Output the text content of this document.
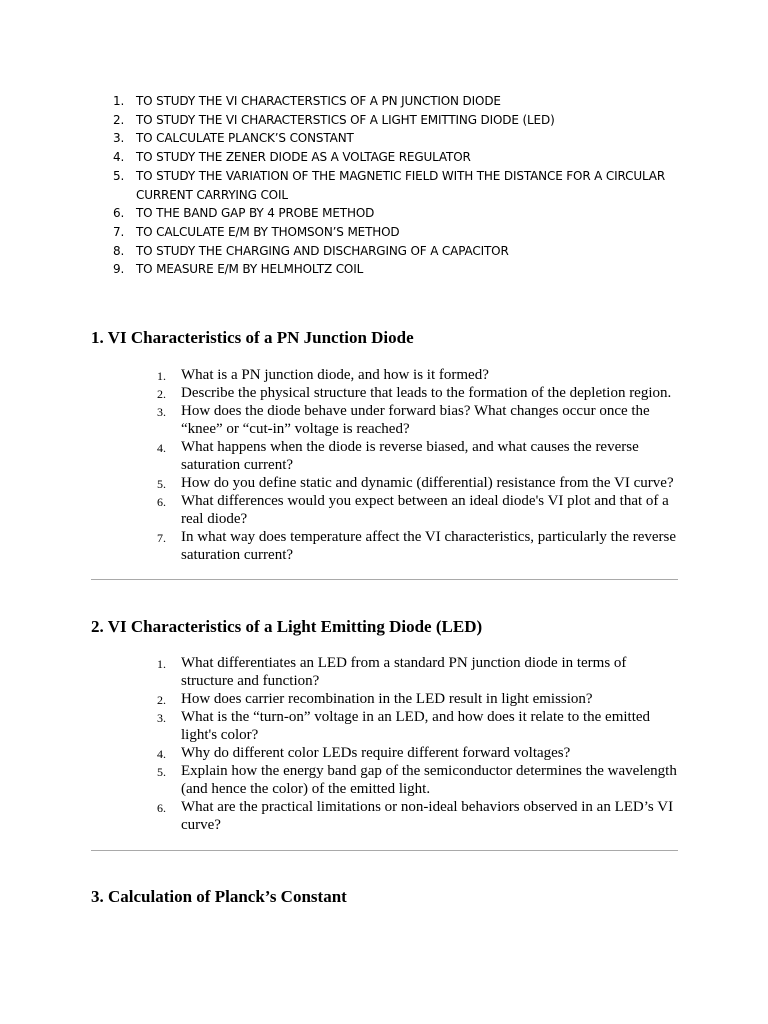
1. TO STUDY THE VI CHARACTERSTICS OF A PN JUNCTION DIODE
2. TO STUDY THE VI CHARACTERSTICS OF A LIGHT EMITTING DIODE (LED)
3. TO CALCULATE PLANCK’S CONSTANT
4. TO STUDY THE ZENER DIODE AS A VOLTAGE REGULATOR
5. TO STUDY THE VARIATION OF THE MAGNETIC FIELD WITH THE DISTANCE FOR A CIRCULAR CURRENT CARRYING COIL
6. TO THE BAND GAP BY 4 PROBE METHOD
7. TO CALCULATE E/M BY THOMSON’S METHOD
8. TO STUDY THE CHARGING AND DISCHARGING OF A CAPACITOR
9. TO MEASURE E/M BY HELMHOLTZ COIL
1. VI Characteristics of a PN Junction Diode
1. What is a PN junction diode, and how is it formed?
2. Describe the physical structure that leads to the formation of the depletion region.
3. How does the diode behave under forward bias? What changes occur once the “knee” or “cut-in” voltage is reached?
4. What happens when the diode is reverse biased, and what causes the reverse saturation current?
5. How do you define static and dynamic (differential) resistance from the VI curve?
6. What differences would you expect between an ideal diode's VI plot and that of a real diode?
7. In what way does temperature affect the VI characteristics, particularly the reverse saturation current?
2. VI Characteristics of a Light Emitting Diode (LED)
1. What differentiates an LED from a standard PN junction diode in terms of structure and function?
2. How does carrier recombination in the LED result in light emission?
3. What is the “turn-on” voltage in an LED, and how does it relate to the emitted light's color?
4. Why do different color LEDs require different forward voltages?
5. Explain how the energy band gap of the semiconductor determines the wavelength (and hence the color) of the emitted light.
6. What are the practical limitations or non-ideal behaviors observed in an LED’s VI curve?
3. Calculation of Planck’s Constant
